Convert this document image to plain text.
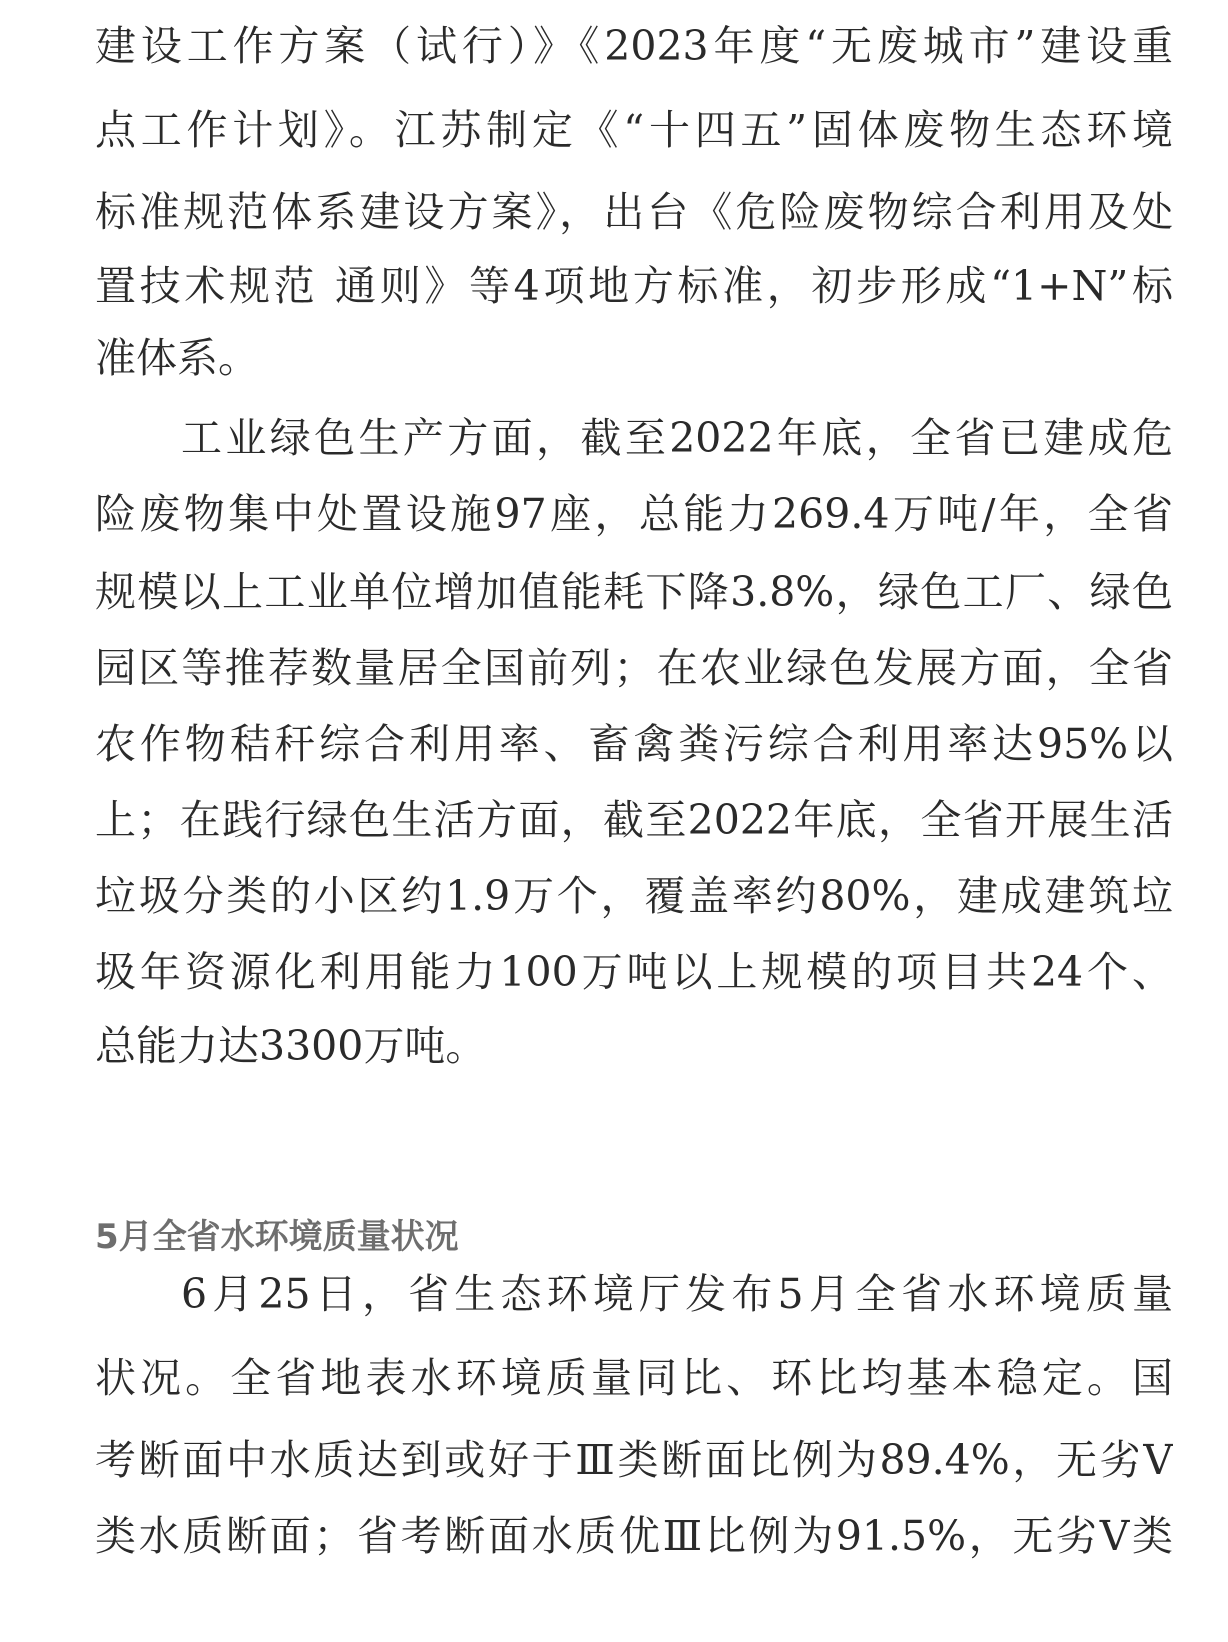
建设工作方案（试行）》《2023年度“无废城市”建设重
点工作计划》。江苏制定《“十四五”固体废物生态环境
标准规范体系建设方案》，出台《危险废物综合利用及处
置技术规范 通则》等4项地方标准，初步形成“1+N”标
准体系。
工业绿色生产方面，截至2022年底，全省已建成危
险废物集中处置设施97座，总能力269.4万吨/年，全省
规模以上工业单位增加值能耗下降3.8%，绿色工厂、绿色
园区等推荐数量居全国前列；在农业绿色发展方面，全省
农作物秸秆综合利用率、畜禽粪污综合利用率达95%以
上；在践行绿色生活方面，截至2022年底，全省开展生活
垃圾分类的小区约1.9万个，覆盖率约80%，建成建筑垃
圾年资源化利用能力100万吨以上规模的项目共24个、
总能力达3300万吨。
5月全省水环境质量状况
6月25日，省生态环境厅发布5月全省水环境质量
状况。全省地表水环境质量同比、环比均基本稳定。国
考断面中水质达到或好于Ⅲ类断面比例为89.4%，无劣Ⅴ
类水质断面；省考断面水质优Ⅲ比例为91.5%，无劣Ⅴ类
